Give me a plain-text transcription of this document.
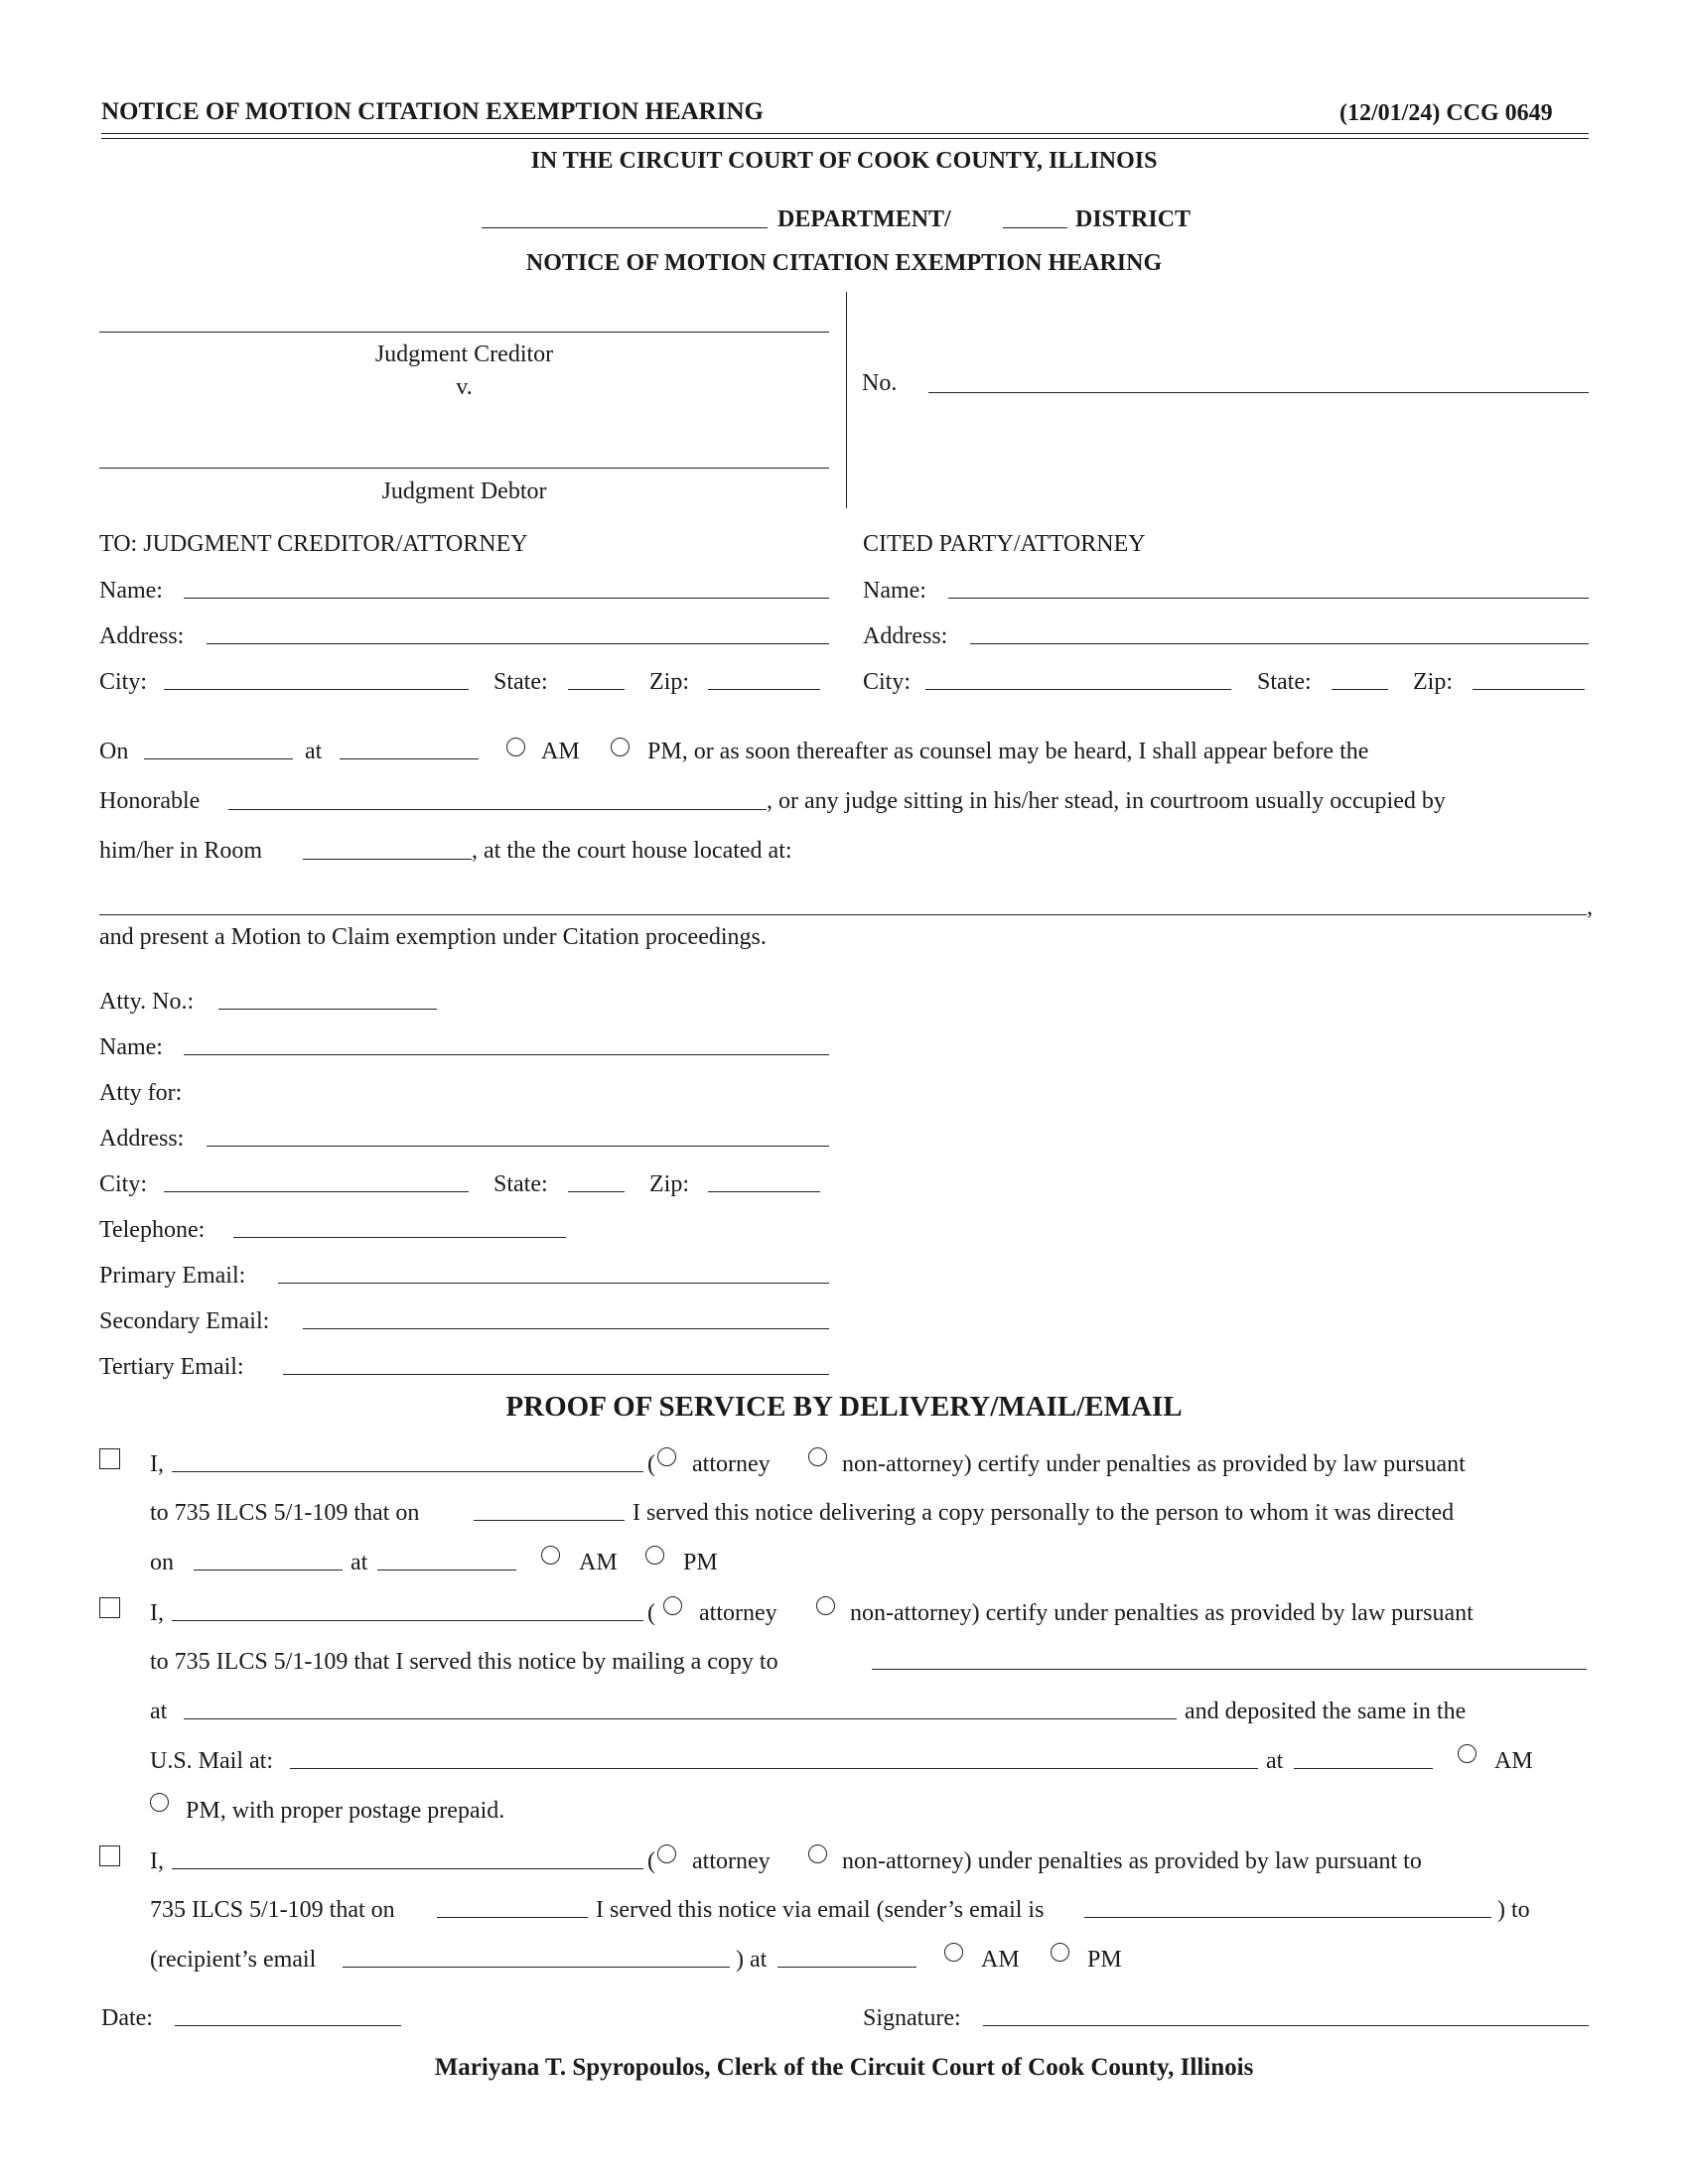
NOTICE OF MOTION CITATION EXEMPTION HEARING	(12/01/24) CCG 0649
IN THE CIRCUIT COURT OF COOK COUNTY, ILLINOIS
DEPARTMENT/	DISTRICT
NOTICE OF MOTION CITATION EXEMPTION HEARING
Judgment Creditor
v.
Judgment Debtor
No.
TO: JUDGMENT CREDITOR/ATTORNEY	CITED PARTY/ATTORNEY
Name:	Name:
Address:	Address:
City:	State:	Zip:	City:	State:	Zip:
On	at	AM	PM, or as soon thereafter as counsel may be heard, I shall appear before the
Honorable	, or any judge sitting in his/her stead, in courtroom usually occupied by
him/her in Room	, at the the court house located at:
,
and present a Motion to Claim exemption under Citation proceedings.
Atty. No.:
Name:
Atty for:
Address:
City:	State:	Zip:
Telephone:
Primary Email:
Secondary Email:
Tertiary Email:
PROOF OF SERVICE BY DELIVERY/MAIL/EMAIL
I,	( attorney	non-attorney) certify under penalties as provided by law pursuant
to 735 ILCS 5/1-109 that on	I served this notice delivering a copy personally to the person to whom it was directed
on	at	AM	PM
I,	( attorney	non-attorney) certify under penalties as provided by law pursuant
to 735 ILCS 5/1-109 that I served this notice by mailing a copy to
at	and deposited the same in the
U.S. Mail at:	at	AM
PM, with proper postage prepaid.
I,	( attorney	non-attorney) under penalties as provided by law pursuant to
735 ILCS 5/1-109 that on	I served this notice via email (sender’s email is	) to
(recipient’s email	) at	AM	PM
Date:	Signature:
Mariyana T. Spyropoulos, Clerk of the Circuit Court of Cook County, Illinois
